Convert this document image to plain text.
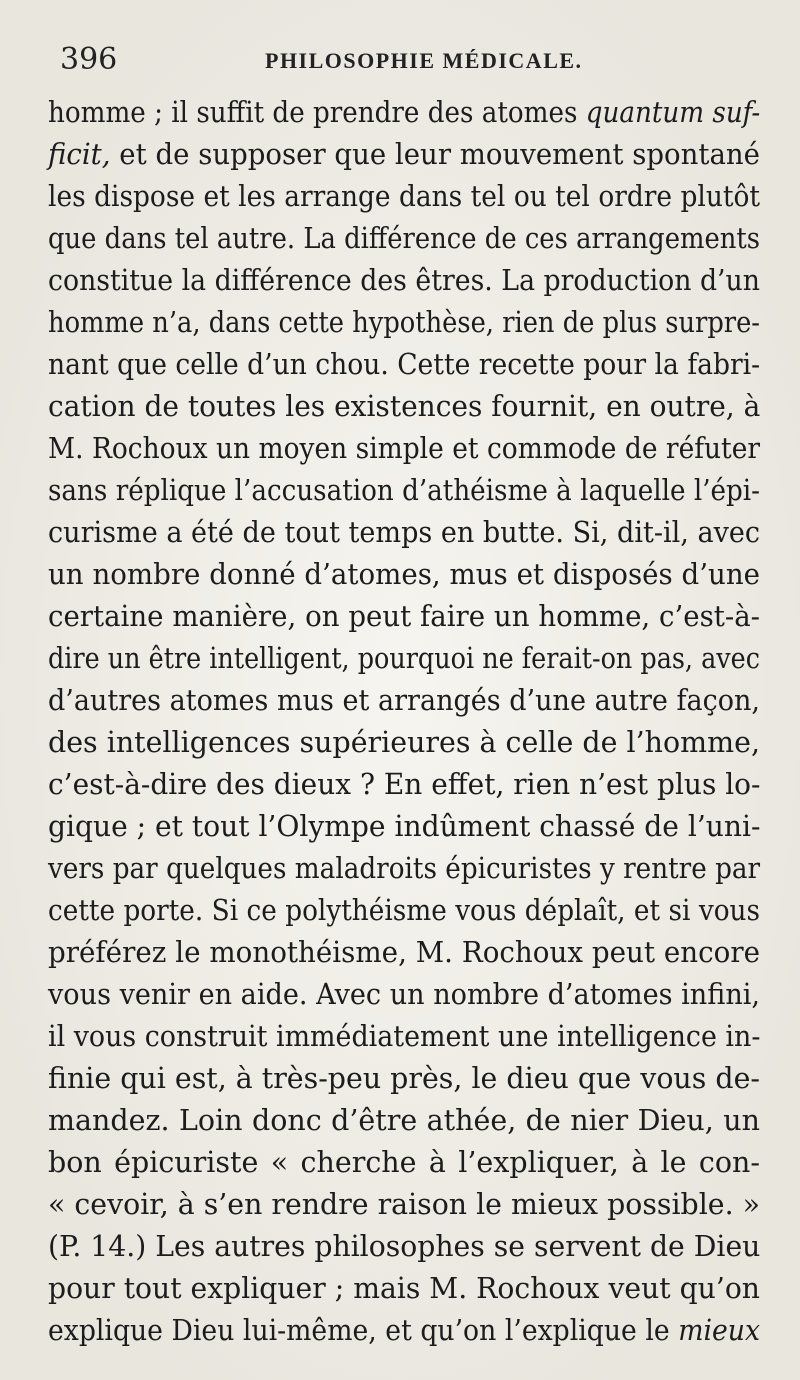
396	PHILOSOPHIE MÉDICALE.
homme ; il suffit de prendre des atomes quantum suf-
ficit, et de supposer que leur mouvement spontané
les dispose et les arrange dans tel ou tel ordre plutôt
que dans tel autre. La différence de ces arrangements
constitue la différence des êtres. La production d’un
homme n’a, dans cette hypothèse, rien de plus surpre-
nant que celle d’un chou. Cette recette pour la fabri-
cation de toutes les existences fournit, en outre, à
M. Rochoux un moyen simple et commode de réfuter
sans réplique l’accusation d’athéisme à laquelle l’épi-
curisme a été de tout temps en butte. Si, dit-il, avec
un nombre donné d’atomes, mus et disposés d’une
certaine manière, on peut faire un homme, c’est-à-
dire un être intelligent, pourquoi ne ferait-on pas, avec
d’autres atomes mus et arrangés d’une autre façon,
des intelligences supérieures à celle de l’homme,
c’est-à-dire des dieux ? En effet, rien n’est plus lo-
gique ; et tout l’Olympe indûment chassé de l’uni-
vers par quelques maladroits épicuristes y rentre par
cette porte. Si ce polythéisme vous déplaît, et si vous
préférez le monothéisme, M. Rochoux peut encore
vous venir en aide. Avec un nombre d’atomes infini,
il vous construit immédiatement une intelligence in-
finie qui est, à très-peu près, le dieu que vous de-
mandez. Loin donc d’être athée, de nier Dieu, un
bon épicuriste « cherche à l’expliquer, à le con-
« cevoir, à s’en rendre raison le mieux possible. »
(P. 14.) Les autres philosophes se servent de Dieu
pour tout expliquer ; mais M. Rochoux veut qu’on
explique Dieu lui-même, et qu’on l’explique le mieux
